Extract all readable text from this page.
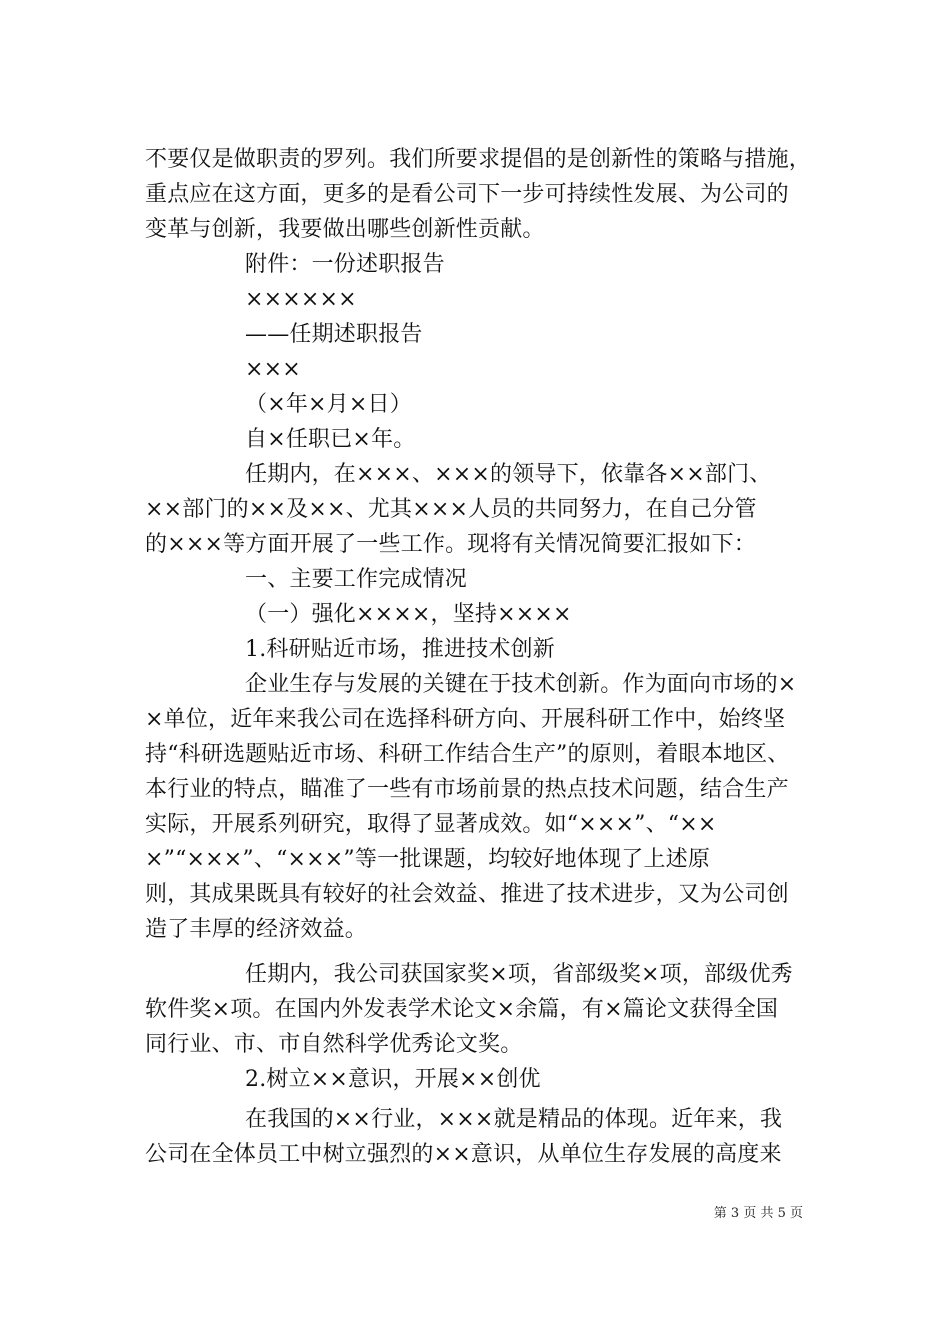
不要仅是做职责的罗列。我们所要求提倡的是创新性的策略与措施，
重点应在这方面，更多的是看公司下一步可持续性发展、为公司的
变革与创新，我要做出哪些创新性贡献。
附件：一份述职报告
××××××
——任期述职报告
×××
（×年×月×日）
自×任职已×年。
任期内，在×××、×××的领导下，依靠各××部门、
××部门的××及××、尤其×××人员的共同努力，在自己分管
的×××等方面开展了一些工作。现将有关情况简要汇报如下：
一、主要工作完成情况
（一）强化××××，坚持××××
1.科研贴近市场，推进技术创新
企业生存与发展的关键在于技术创新。作为面向市场的×
×单位，近年来我公司在选择科研方向、开展科研工作中，始终坚
持“科研选题贴近市场、科研工作结合生产”的原则，着眼本地区、
本行业的特点，瞄准了一些有市场前景的热点技术问题，结合生产
实际，开展系列研究，取得了显著成效。如“×××”、“××
×”“×××”、“×××”等一批课题，均较好地体现了上述原
则，其成果既具有较好的社会效益、推进了技术进步，又为公司创
造了丰厚的经济效益。
任期内，我公司获国家奖×项，省部级奖×项，部级优秀
软件奖×项。在国内外发表学术论文×余篇，有×篇论文获得全国
同行业、市、市自然科学优秀论文奖。
2.树立××意识，开展××创优
在我国的××行业，×××就是精品的体现。近年来，我
公司在全体员工中树立强烈的××意识，从单位生存发展的高度来
第 3 页 共 5 页
